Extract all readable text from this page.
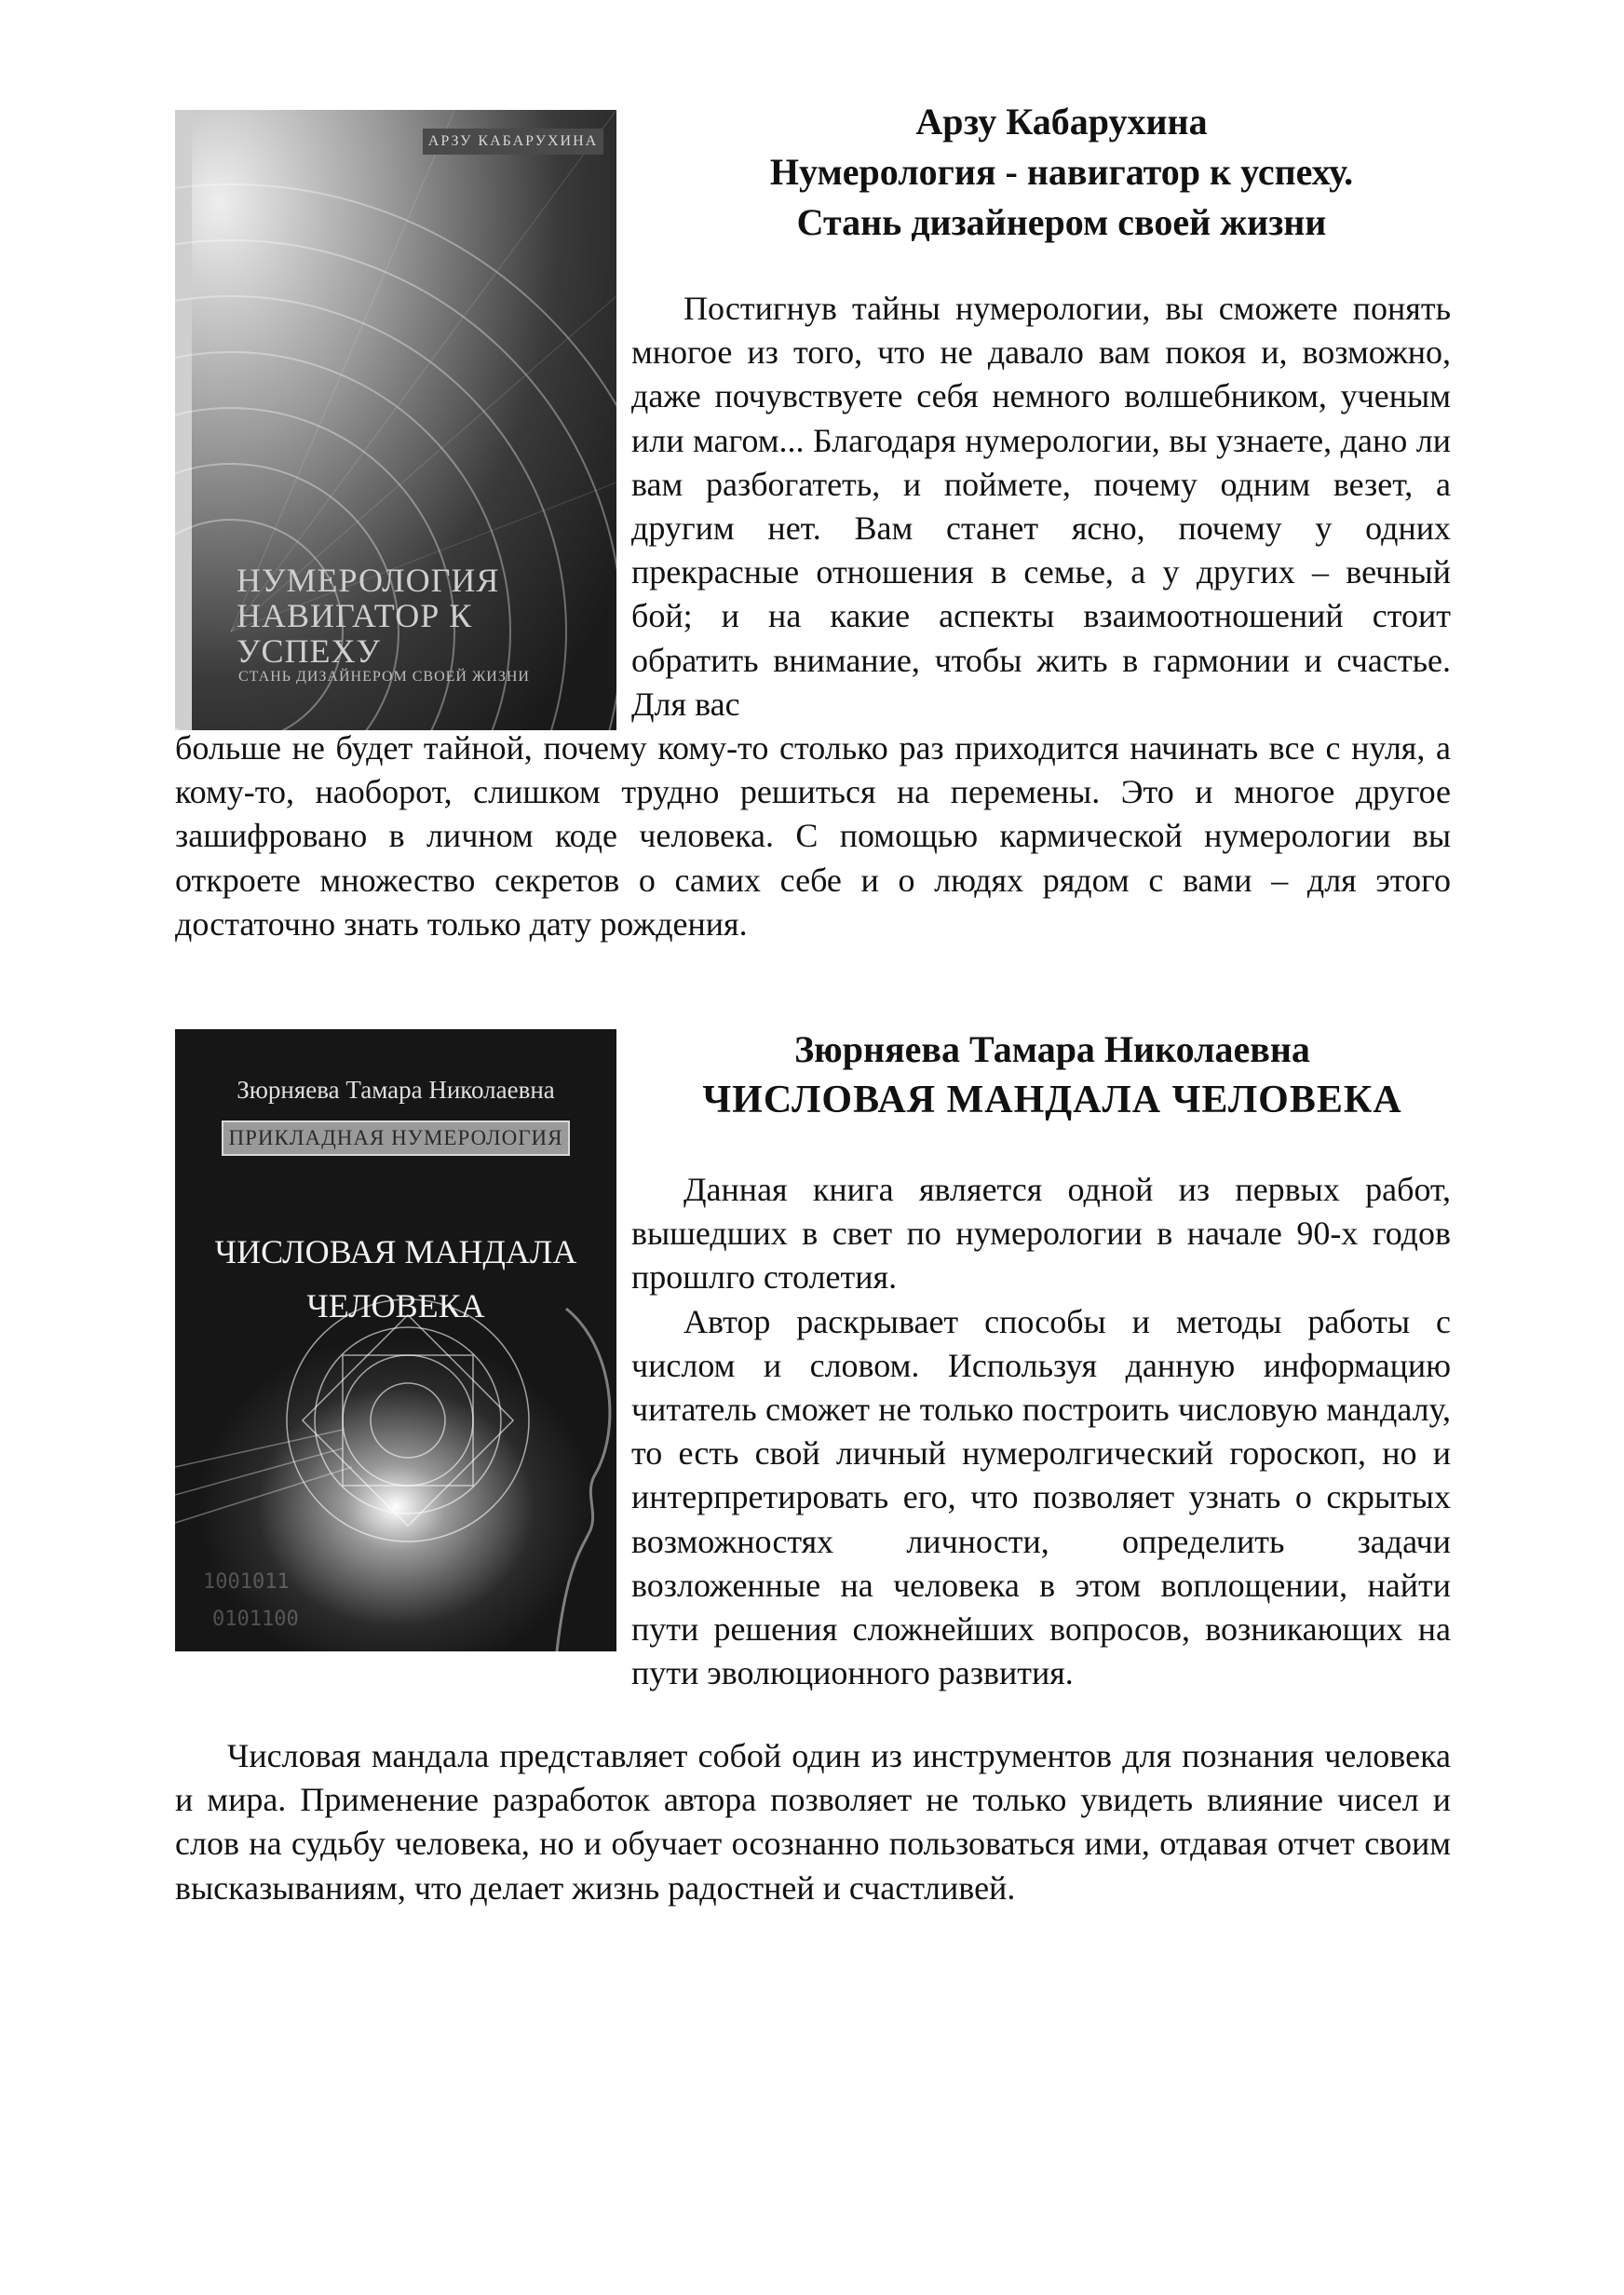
АРЗУ КАБАРУХИНА
НУМЕРОЛОГИЯ
НАВИГАТОР К УСПЕХУ
СТАНЬ ДИЗАЙНЕРОМ СВОЕЙ ЖИЗНИ
Арзу Кабарухина
Нумерология - навигатор к успеху.
Стань дизайнером своей жизни

Постигнув тайны нумерологии, вы сможете понять многое из того, что не давало вам покоя и, возможно, даже почувствуете себя немного волшебником, ученым или магом... Благодаря нумерологии, вы узнаете, дано ли вам разбогатеть, и поймете, почему одним везет, а другим нет. Вам станет ясно, почему у одних прекрасные отношения в семье, а у других – вечный бой; и на какие аспекты взаимоотношений стоит обратить внимание, чтобы жить в гармонии и счастье. Для вас

больше не будет тайной, почему кому-то столько раз приходится начинать все с нуля, а кому-то, наоборот, слишком трудно решиться на перемены. Это и многое другое зашифровано в личном коде человека. С помощью кармической нумерологии вы откроете множество секретов о самих себе и о людях рядом с вами – для этого достаточно знать только дату рождения.

1001011
0101100
Зюрняева Тамара Николаевна
ПРИКЛАДНАЯ НУМЕРОЛОГИЯ
ЧИСЛОВАЯ МАНДАЛА
ЧЕЛОВЕКА
Зюрняева Тамара Николаевна
ЧИСЛОВАЯ МАНДАЛА ЧЕЛОВЕКА

Данная книга является одной из первых работ, вышедших в свет по нумерологии в начале 90-х годов прошлго столетия.

Автор раскрывает способы и методы работы с числом и словом. Используя данную информацию читатель сможет не только построить числовую мандалу, то есть свой личный нумеролгический гороскоп, но и интерпретировать его, что позволяет узнать о скрытых возможностях личности, определить задачи возложенные на человека в этом воплощении, найти пути решения сложнейших вопросов, возникающих на пути эволюционного развития.

Числовая мандала представляет собой один из инструментов для познания человека и мира. Применение разработок автора позволяет не только увидеть влияние чисел и слов на судьбу человека, но и обучает осознанно пользоваться ими, отдавая отчет своим высказываниям, что делает жизнь радостней и счастливей.
